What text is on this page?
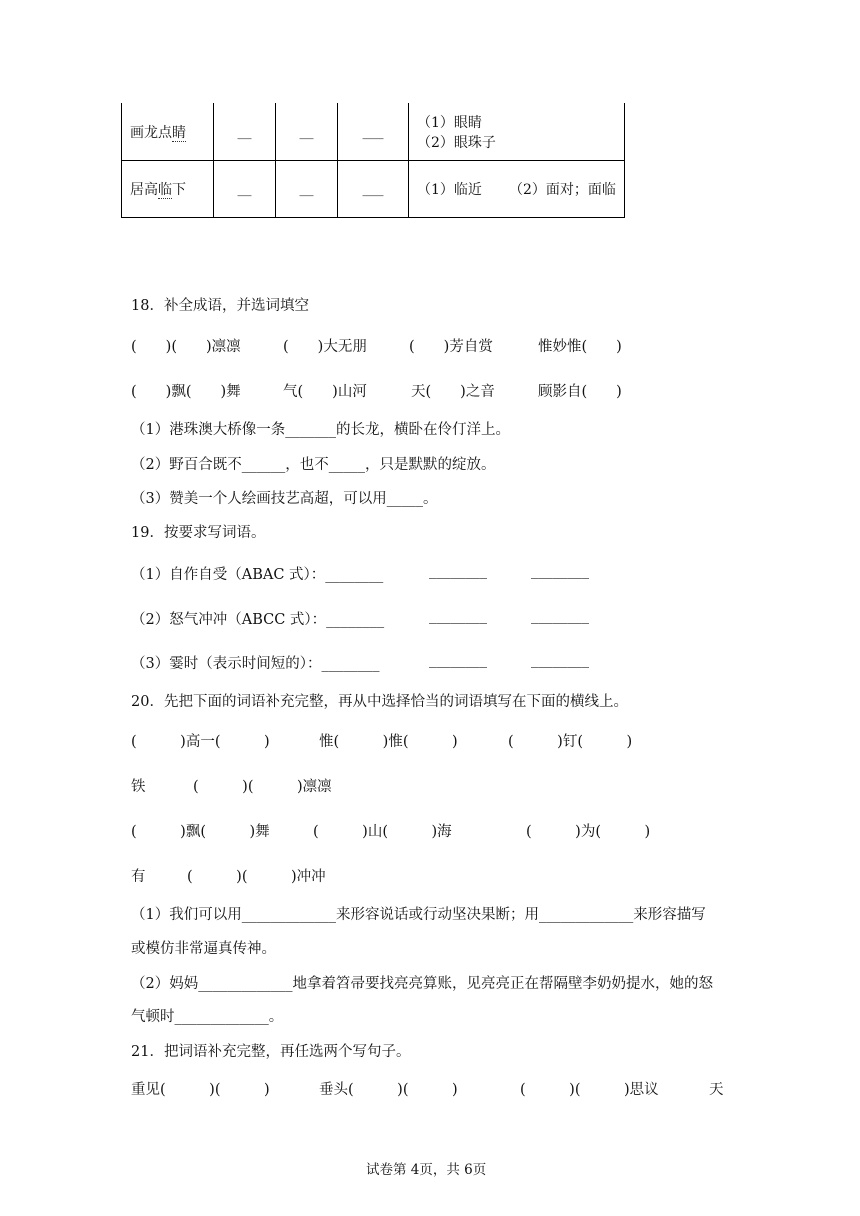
画龙点睛	__	__	___	（1）眼睛（2）眼珠子
居高临下	__	__	___	（1）临近 （2）面对；面临
18．补全成语，并选词填空
(　　)(　　)凛凛	(　　)大无朋	(　　)芳自赏	惟妙惟(　　)
(　　)飘(　　)舞	气(　　)山河	天(　　)之音	顾影自(　　)
（1）港珠澳大桥像一条_______的长龙，横卧在伶仃洋上。
（2）野百合既不______，也不_____，只是默默的绽放。
（3）赞美一个人绘画技艺高超，可以用_____。
19．按要求写词语。
（1）自作自受（ABAC 式）：________	________	________
（2）怒气冲冲（ABCC 式）：________	________	________
（3）霎时（表示时间短的）：________	________	________
20．先把下面的词语补充完整，再从中选择恰当的词语填写在下面的横线上。
(　　　)高一(　　　)	惟(　　　)惟(　　　)	(　　　)钉(　　　)
铁	(　　　)(　　　)凛凛
(　　　)飘(　　　)舞	(　　　)山(　　　)海	(　　　)为(　　　)
有	(　　　)(　　　)冲冲
（1）我们可以用_____________来形容说话或行动坚决果断；用_____________来形容描写
或模仿非常逼真传神。
（2）妈妈_____________地拿着笤帚要找亮亮算账，见亮亮正在帮隔壁李奶奶提水，她的怒
气顿时_____________。
21．把词语补充完整，再任选两个写句子。
重见(　　　)(　　　)	垂头(　　　)(　　　)	(　　　)(　　　)思议	天
试卷第 4页，共 6页
